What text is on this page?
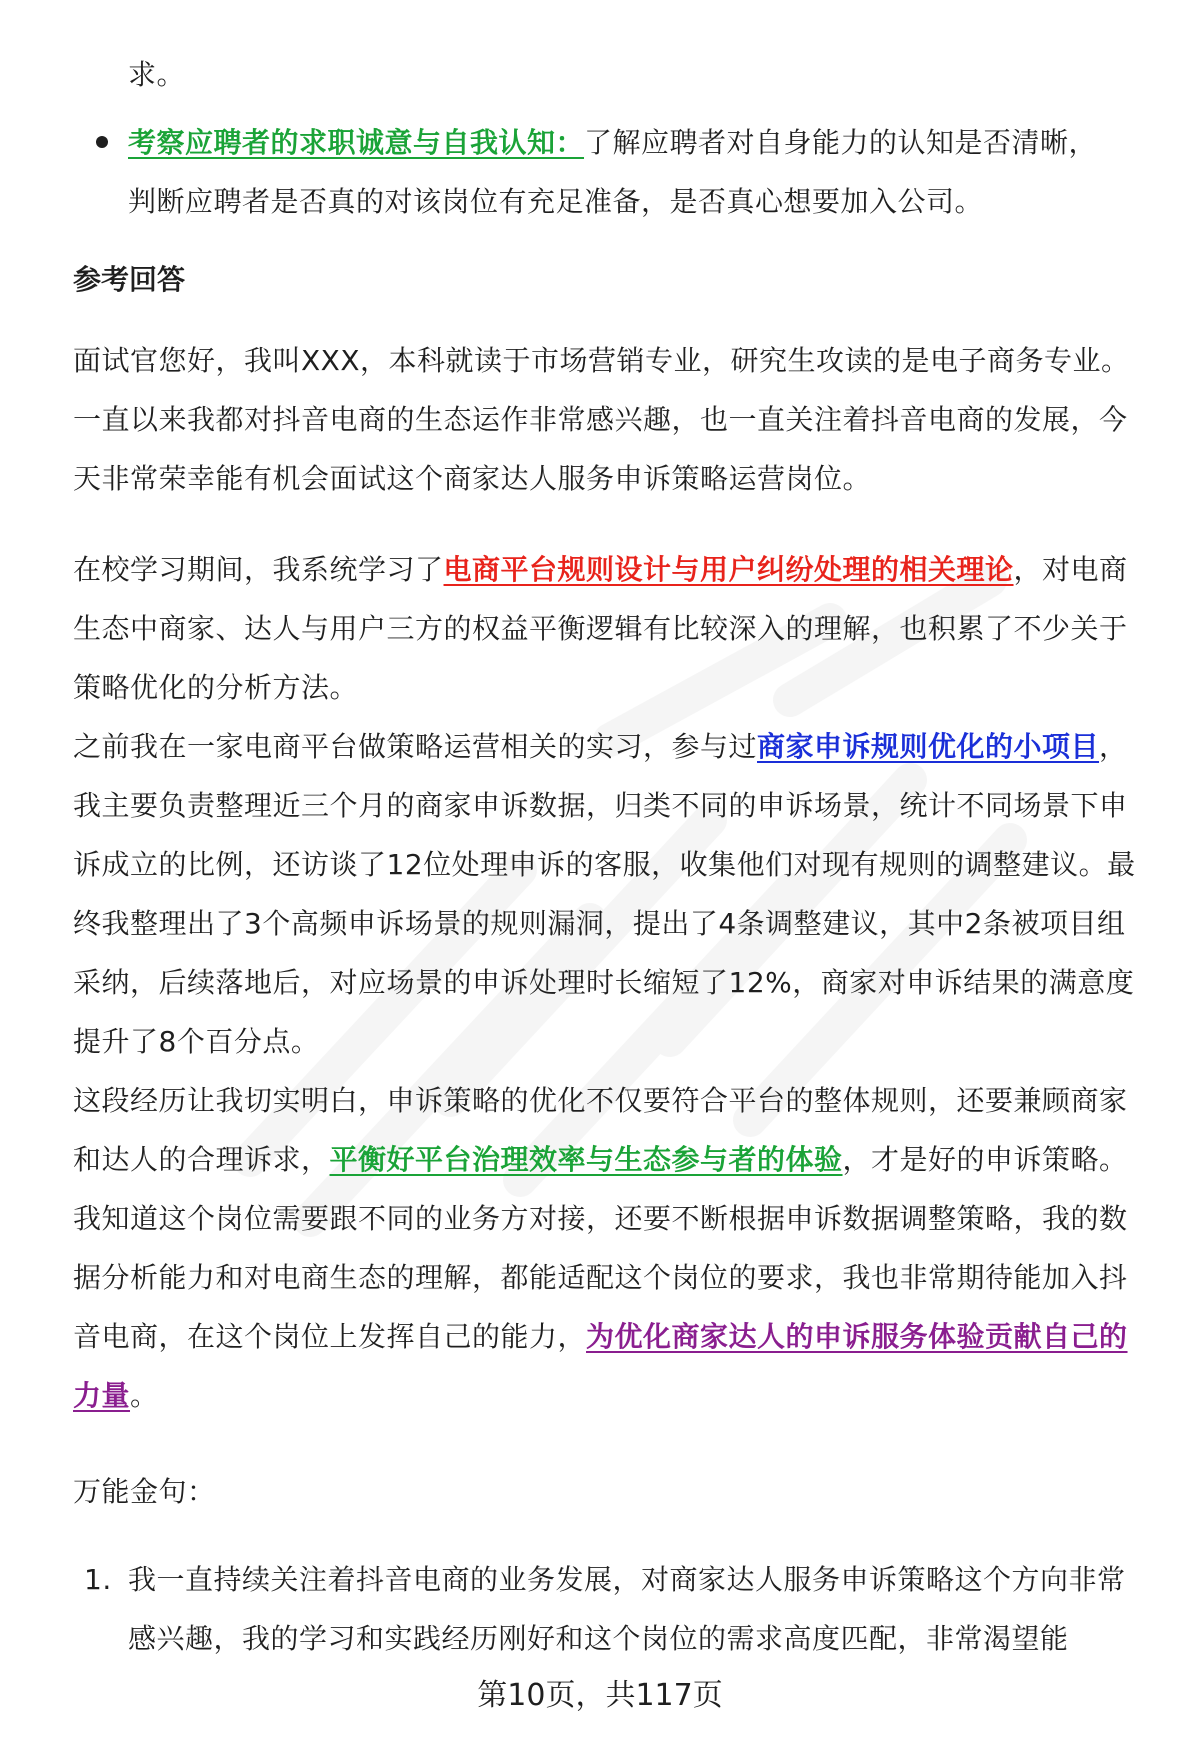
求。
考察应聘者的求职诚意与自我认知：了解应聘者对自身能力的认知是否清晰，
判断应聘者是否真的对该岗位有充足准备，是否真心想要加入公司。
参考回答
面试官您好，我叫XXX，本科就读于市场营销专业，研究生攻读的是电子商务专业。一直以来我都对抖音电商的生态运作非常感兴趣，也一直关注着抖音电商的发展，今天非常荣幸能有机会面试这个商家达人服务申诉策略运营岗位。
在校学习期间，我系统学习了电商平台规则设计与用户纠纷处理的相关理论，对电商生态中商家、达人与用户三方的权益平衡逻辑有比较深入的理解，也积累了不少关于策略优化的分析方法。
之前我在一家电商平台做策略运营相关的实习，参与过商家申诉规则优化的小项目，我主要负责整理近三个月的商家申诉数据，归类不同的申诉场景，统计不同场景下申诉成立的比例，还访谈了12位处理申诉的客服，收集他们对现有规则的调整建议。最终我整理出了3个高频申诉场景的规则漏洞，提出了4条调整建议，其中2条被项目组采纳，后续落地后，对应场景的申诉处理时长缩短了12%，商家对申诉结果的满意度提升了8个百分点。
这段经历让我切实明白，申诉策略的优化不仅要符合平台的整体规则，还要兼顾商家和达人的合理诉求，平衡好平台治理效率与生态参与者的体验，才是好的申诉策略。我知道这个岗位需要跟不同的业务方对接，还要不断根据申诉数据调整策略，我的数据分析能力和对电商生态的理解，都能适配这个岗位的要求，我也非常期待能加入抖音电商，在这个岗位上发挥自己的能力，为优化商家达人的申诉服务体验贡献自己的力量。
万能金句：
1. 我一直持续关注着抖音电商的业务发展，对商家达人服务申诉策略这个方向非常感兴趣，我的学习和实践经历刚好和这个岗位的需求高度匹配，非常渴望能
第10页，共117页
